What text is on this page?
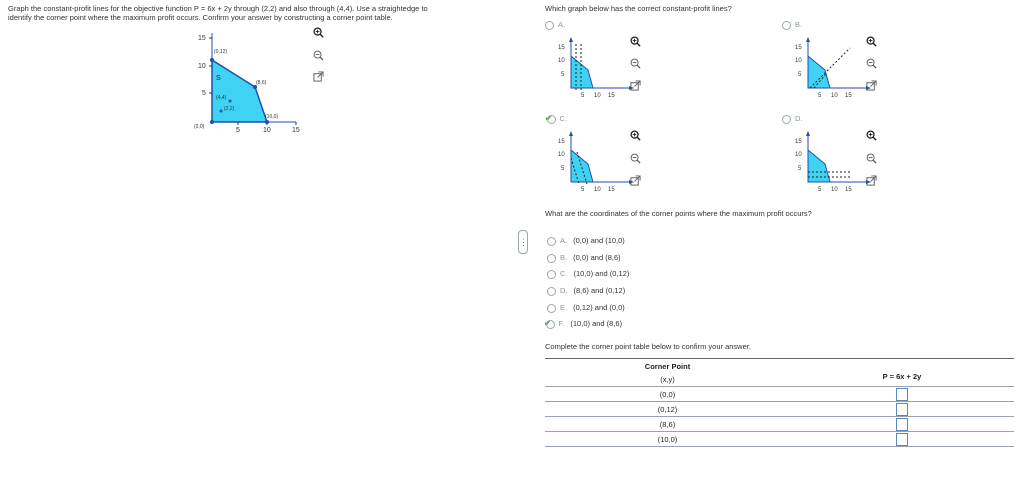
Graph the constant-profit lines for the objective function P = 6x + 2y through (2,2) and also through (4,4). Use a straightedge to
identify the corner point where the maximum profit occurs. Confirm your answer by constructing a corner point table.
15
10
5
5	10	15
(0,0)
S
(0,12)
(8,6)
(10,0)
(4,4)
(2,2)
Which graph below has the correct constant-profit lines?
A.
15
10
5
5 10 15
B.
15
10
5
5 10 15
✔ C.
15
10
5
5 10 15
D.
15
10
5
5 10 15
What are the coordinates of the corner points where the maximum profit occurs?
⋮	A. (0,0) and (10,0)
B. (0,0) and (8,6)
C. (10,0) and (0,12)
D. (8,6) and (0,12)
E. (0,12) and (0,0)
✔ F. (10,0) and (8,6)
Complete the corner point table below to confirm your answer.
Corner Point	P = 6x + 2y
(x,y)	
(0,0)	
(0,12)	
(8,6)	
(10,0)	
